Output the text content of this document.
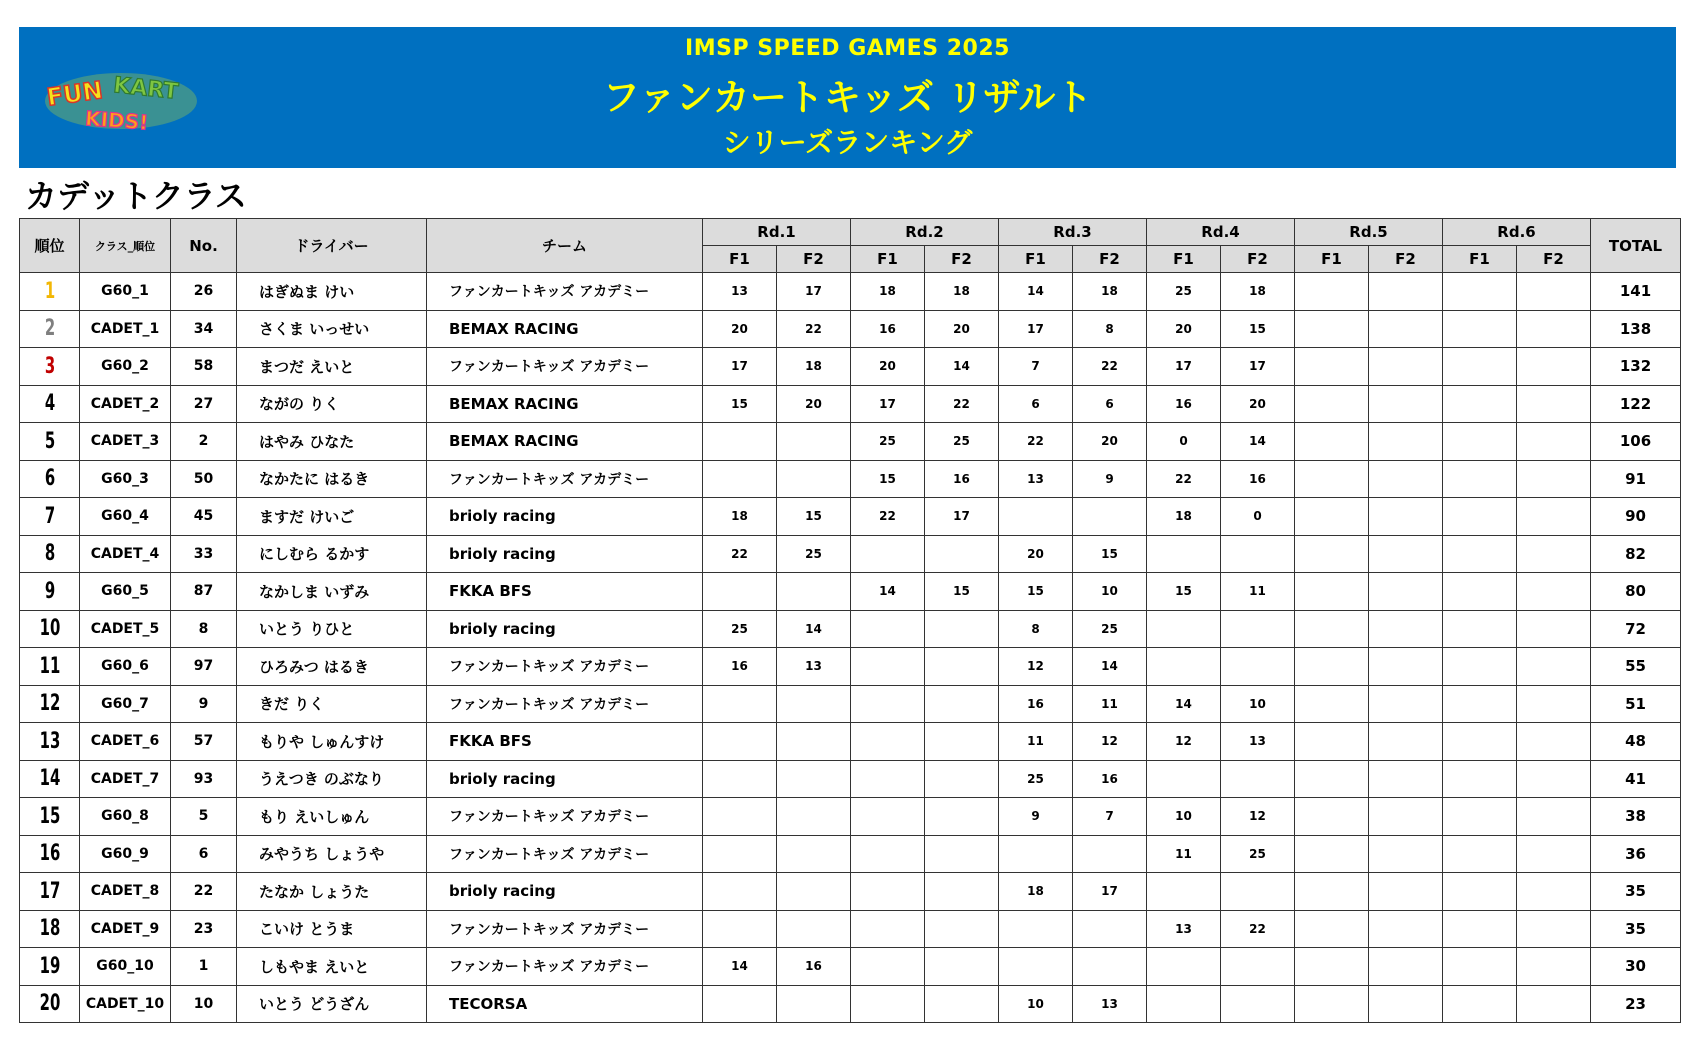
FUN KART
KIDS!
IMSP SPEED GAMES 2025
ファンカートキッズ リザルト
シリーズランキング
カデットクラス
順位	クラス_順位	No.	ドライバー	チーム	Rd.1		Rd.2		Rd.3		Rd.4		Rd.5		Rd.6		TOTAL
					F1	F2	F1	F2	F1	F2	F1	F2	F1	F2	F1	F2	
1	G60_1	26	はぎぬま けい	ファンカートキッズ アカデミー	13	17	18	18	14	18	25	18					141
2	CADET_1	34	さくま いっせい	BEMAX RACING	20	22	16	20	17	8	20	15					138
3	G60_2	58	まつだ えいと	ファンカートキッズ アカデミー	17	18	20	14	7	22	17	17					132
4	CADET_2	27	ながの りく	BEMAX RACING	15	20	17	22	6	6	16	20					122
5	CADET_3	2	はやみ ひなた	BEMAX RACING			25	25	22	20	0	14					106
6	G60_3	50	なかたに はるき	ファンカートキッズ アカデミー			15	16	13	9	22	16					91
7	G60_4	45	ますだ けいご	brioly racing	18	15	22	17			18	0					90
8	CADET_4	33	にしむら るかす	brioly racing	22	25			20	15							82
9	G60_5	87	なかしま いずみ	FKKA BFS			14	15	15	10	15	11					80
10	CADET_5	8	いとう りひと	brioly racing	25	14			8	25							72
11	G60_6	97	ひろみつ はるき	ファンカートキッズ アカデミー	16	13			12	14							55
12	G60_7	9	きだ りく	ファンカートキッズ アカデミー					16	11	14	10					51
13	CADET_6	57	もりや しゅんすけ	FKKA BFS					11	12	12	13					48
14	CADET_7	93	うえつき のぶなり	brioly racing					25	16							41
15	G60_8	5	もり えいしゅん	ファンカートキッズ アカデミー					9	7	10	12					38
16	G60_9	6	みやうち しょうや	ファンカートキッズ アカデミー							11	25					36
17	CADET_8	22	たなか しょうた	brioly racing					18	17							35
18	CADET_9	23	こいけ とうま	ファンカートキッズ アカデミー							13	22					35
19	G60_10	1	しもやま えいと	ファンカートキッズ アカデミー	14	16											30
20	CADET_10	10	いとう どうざん	TECORSA					10	13							23
